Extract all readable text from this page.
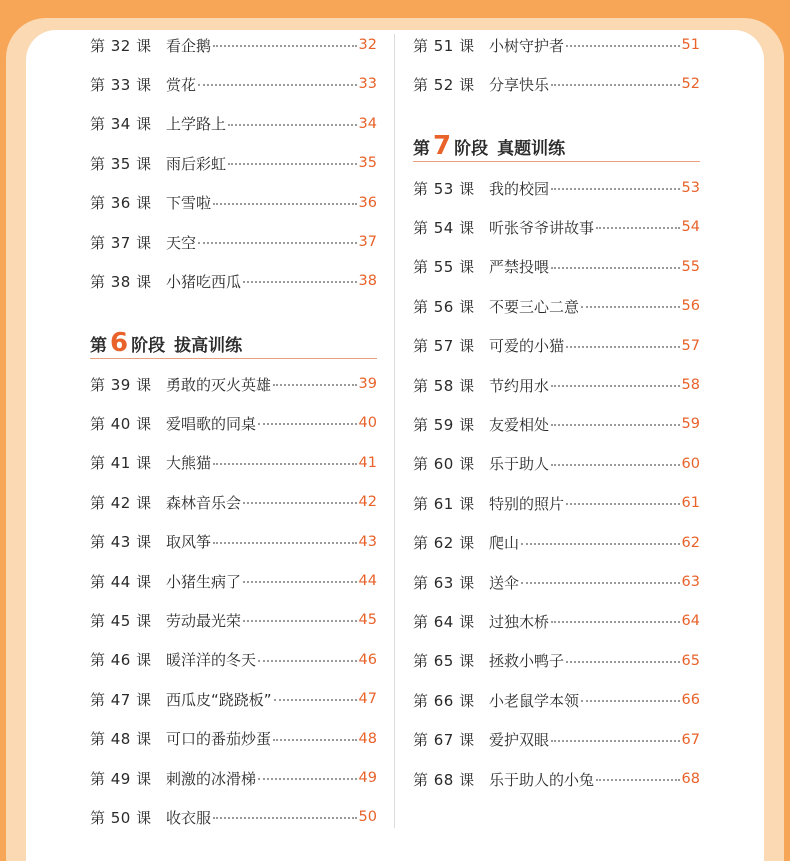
第 6 阶段 拔高训练
第 32 课 看企鹅	32
第 33 课 赏花	33
第 34 课 上学路上	34
第 35 课 雨后彩虹	35
第 36 课 下雪啦	36
第 37 课 天空	37
第 38 课 小猪吃西瓜	38
第 39 课 勇敢的灭火英雄	39
第 40 课 爱唱歌的同桌	40
第 41 课 大熊猫	41
第 42 课 森林音乐会	42
第 43 课 取风筝	43
第 44 课 小猪生病了	44
第 45 课 劳动最光荣	45
第 46 课 暖洋洋的冬天	46
第 47 课 西瓜皮“跷跷板”	47
第 48 课 可口的番茄炒蛋	48
第 49 课 刺激的冰滑梯	49
第 50 课 收衣服	50
第 7 阶段 真题训练
第 51 课 小树守护者	51
第 52 课 分享快乐	52
第 53 课 我的校园	53
第 54 课 听张爷爷讲故事	54
第 55 课 严禁投喂	55
第 56 课 不要三心二意	56
第 57 课 可爱的小猫	57
第 58 课 节约用水	58
第 59 课 友爱相处	59
第 60 课 乐于助人	60
第 61 课 特别的照片	61
第 62 课 爬山	62
第 63 课 送伞	63
第 64 课 过独木桥	64
第 65 课 拯救小鸭子	65
第 66 课 小老鼠学本领	66
第 67 课 爱护双眼	67
第 68 课 乐于助人的小兔	68
